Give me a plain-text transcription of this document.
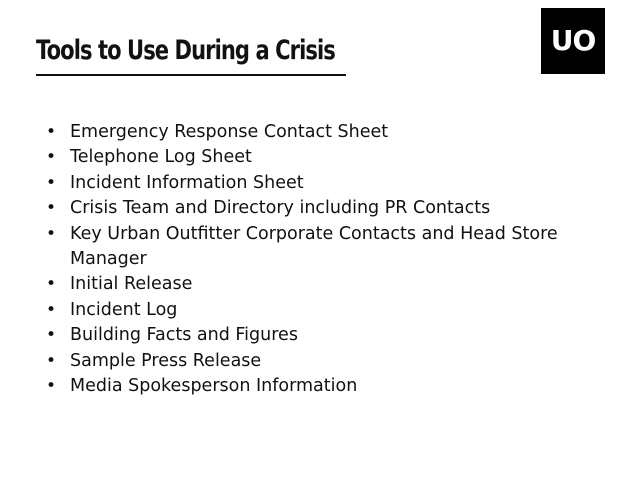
Tools to Use During a Crisis	UO
• Emergency Response Contact Sheet
• Telephone Log Sheet
• Incident Information Sheet
• Crisis Team and Directory including PR Contacts
• Key Urban Outfitter Corporate Contacts and Head Store Manager
• Initial Release
• Incident Log
• Building Facts and Figures
• Sample Press Release
• Media Spokesperson Information
